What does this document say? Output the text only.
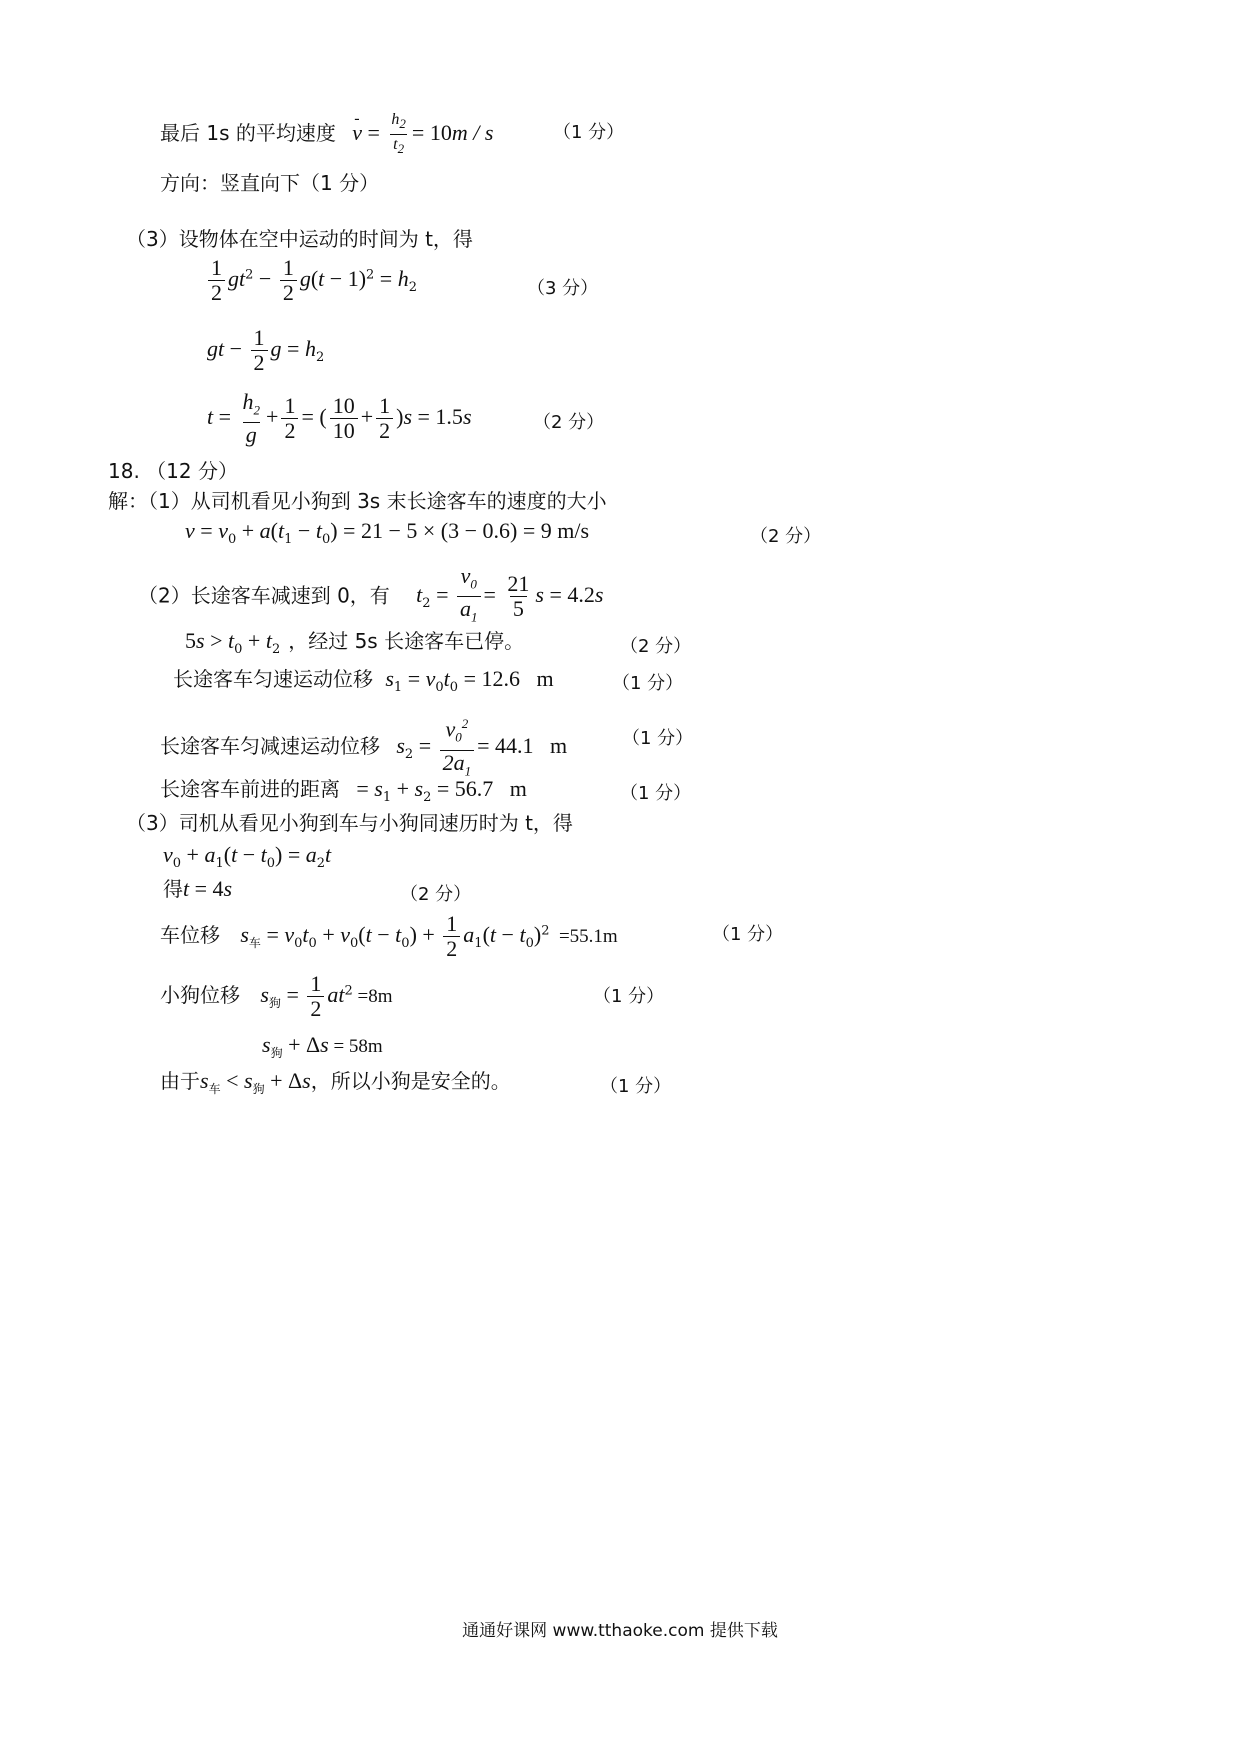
最后 1s 的平均速度 - $v = \frac{h_2}{t_2} = 10m / s$	（1 分）
方向：竖直向下（1 分）
（3）设物体在空中运动的时间为 t，得
$\frac{1}{2} gt^2 - \frac{1}{2} g(t - 1)^2 = h_2$	（3 分）
gt − $\frac{1}{2}$ $g = h_2$
$t = \frac{h_2}{g} + \frac{1}{2}$ = ( $\frac{10}{10} + \frac{1}{2} )s = 1.5s$	（2 分）
18. （12 分）
解：（1）从司机看见小狗到 3s 末长途客车的速度的大小
$v = v_0 + a(t_1 - t_0) = 21 - 5 \times (3 - 0.6) = 9$ m/s	（2 分）
（2）长途客车减速到 0，有 $t_2 = \frac{v_0}{a_1} = \frac{21}{5}$ s = 4.2s
$5s > t_0 + t_2$ ，经过 5s 长途客车已停。	（2 分）
长途客车匀速运动位移 $s_1 = v_0t_0 = 12.6$   m	（1 分）
长途客车匀减速运动位移 $s_2 = \frac{v_0^2}{2a_1} = 44.1$   m	（1 分）
长途客车前进的距离 = $s_1 + s_2 = 56.7$   m	（1 分）
（3）司机从看见小狗到车与小狗同速历时为 t，得
$v_0 + a_1(t - t_0) = a_2t$
得t = 4s	（2 分）
车位移 $s_车 = v_0t_0 + v_0(t - t_0) + \frac{1}{2} a_1(t - t_0)^2 =55.1m$	（1 分）
小狗位移 $s_狗 = \frac{1}{2} at^2 =8m$	（1 分）
$s_狗 + \Delta s = 58m$
由于$s_车 < s_狗 + \Delta s$，所以小狗是安全的。	（1 分）
通通好课网 www.tthaoke.com 提供下载
